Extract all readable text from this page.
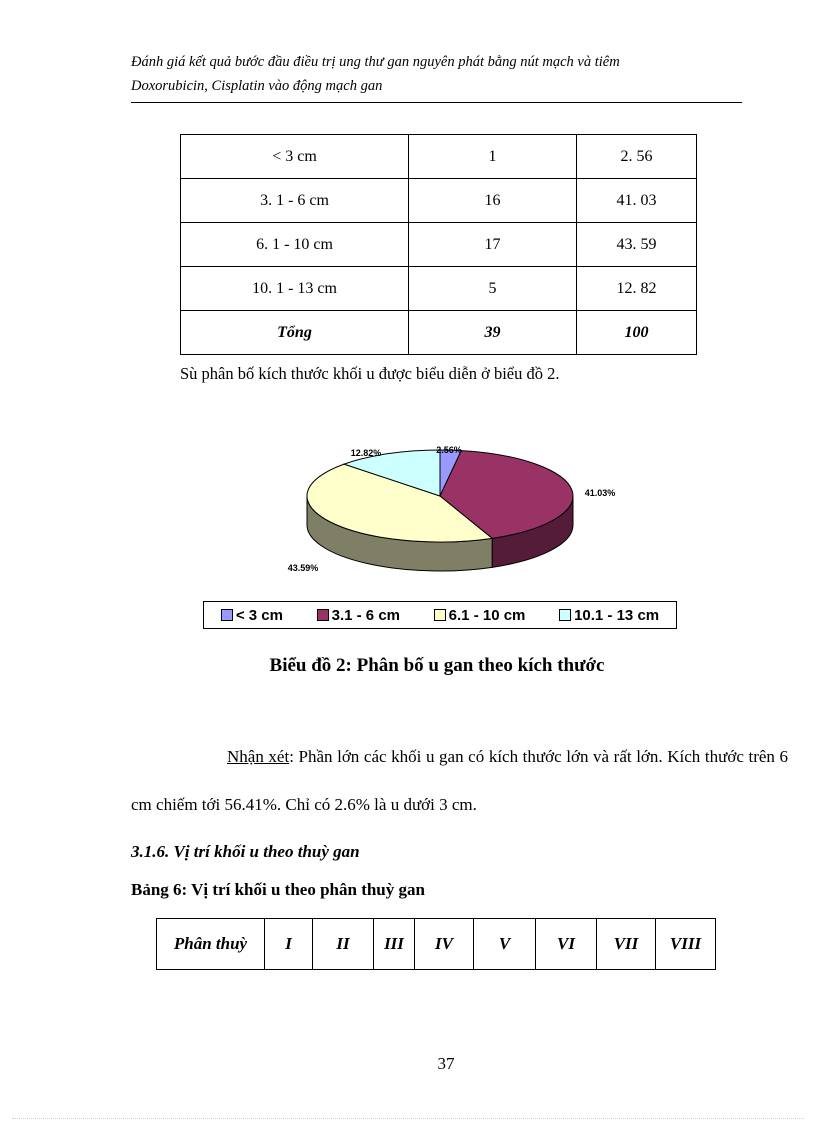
Đánh giá kết quả bước đầu điều trị ung thư gan nguyên phát bằng nút mạch và tiêm
Doxorubicin, Cisplatin vào động mạch gan
< 3 cm	1	2. 56
3. 1 - 6 cm	16	41. 03
6. 1 - 10 cm	17	43. 59
10. 1 - 13 cm	5	12. 82
Tổng	39	100
Sù phân bố kích thước khối u được biểu diễn ở biểu đồ 2.
2.56%
41.03%
43.59%
12.82%
< 3 cm	3.1 - 6 cm	6.1 - 10 cm	10.1 - 13 cm
Biểu đồ 2: Phân bố u gan theo kích thước
Nhận xét: Phần lớn các khối u gan có kích thước lớn và rất lớn. Kích thước trên 6 cm chiếm tới 56.41%. Chỉ có 2.6% là u dưới 3 cm.
3.1.6. Vị trí khối u theo thuỳ gan
Bảng 6: Vị trí khối u theo phân thuỳ gan
Phân thuỳ	I	II	III	IV	V	VI	VII	VIII
37
